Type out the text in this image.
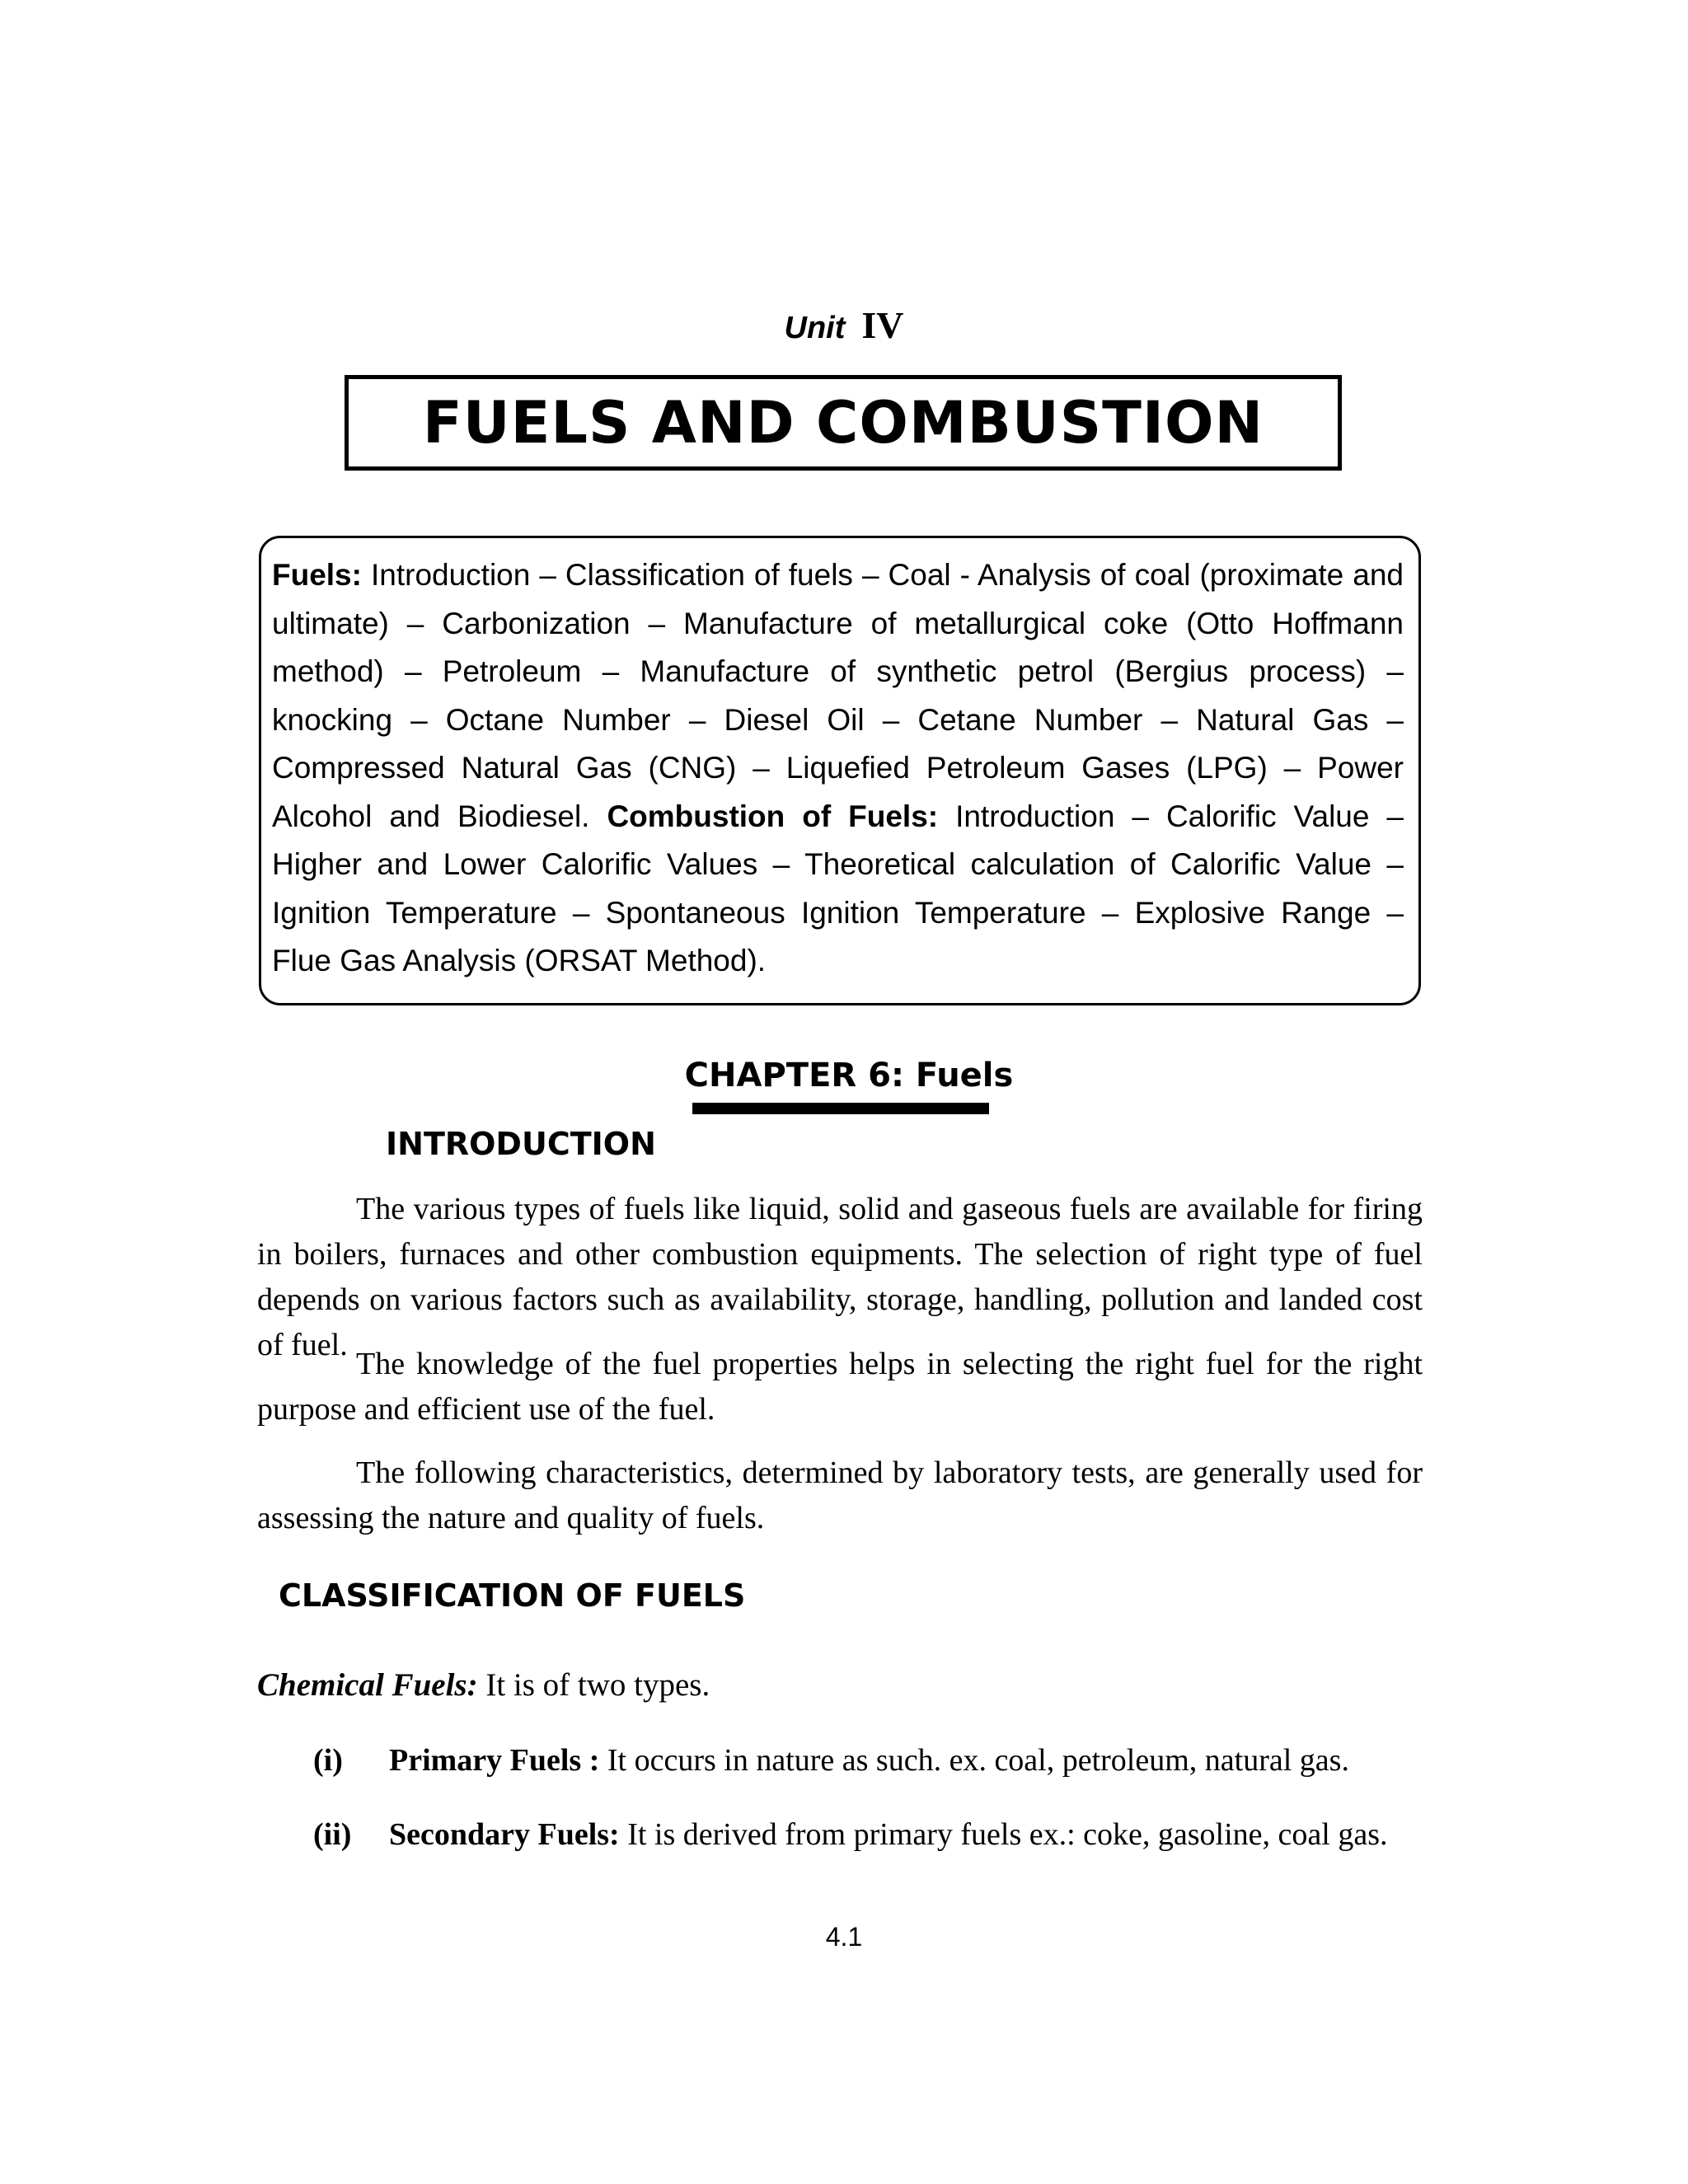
Unit IV
FUELS AND COMBUSTION

Fuels: Introduction – Classification of fuels – Coal - Analysis of coal (proximate and ultimate) – Carbonization – Manufacture of metallurgical coke (Otto Hoffmann method) – Petroleum – Manufacture of synthetic petrol (Bergius process) – knocking – Octane Number – Diesel Oil – Cetane Number – Natural Gas – Compressed Natural Gas (CNG) – Liquefied Petroleum Gases (LPG) – Power Alcohol and Biodiesel. Combustion of Fuels: Introduction – Calorific Value – Higher and Lower Calorific Values – Theoretical calculation of Calorific Value – Ignition Temperature – Spontaneous Ignition Temperature – Explosive Range – Flue Gas Analysis (ORSAT Method).

CHAPTER 6: Fuels
INTRODUCTION

The various types of fuels like liquid, solid and gaseous fuels are available for firing in boilers, furnaces and other combustion equipments. The selection of right type of fuel depends on various factors such as availability, storage, handling, pollution and landed cost of fuel.

The knowledge of the fuel properties helps in selecting the right fuel for the right purpose and efficient use of the fuel.

The following characteristics, determined by laboratory tests, are generally used for assessing the nature and quality of fuels.

CLASSIFICATION OF FUELS
Chemical Fuels: It is of two types.
(i) Primary Fuels : It occurs in nature as such. ex. coal, petroleum, natural gas.
(ii) Secondary Fuels: It is derived from primary fuels ex.: coke, gasoline, coal gas.
4.1
